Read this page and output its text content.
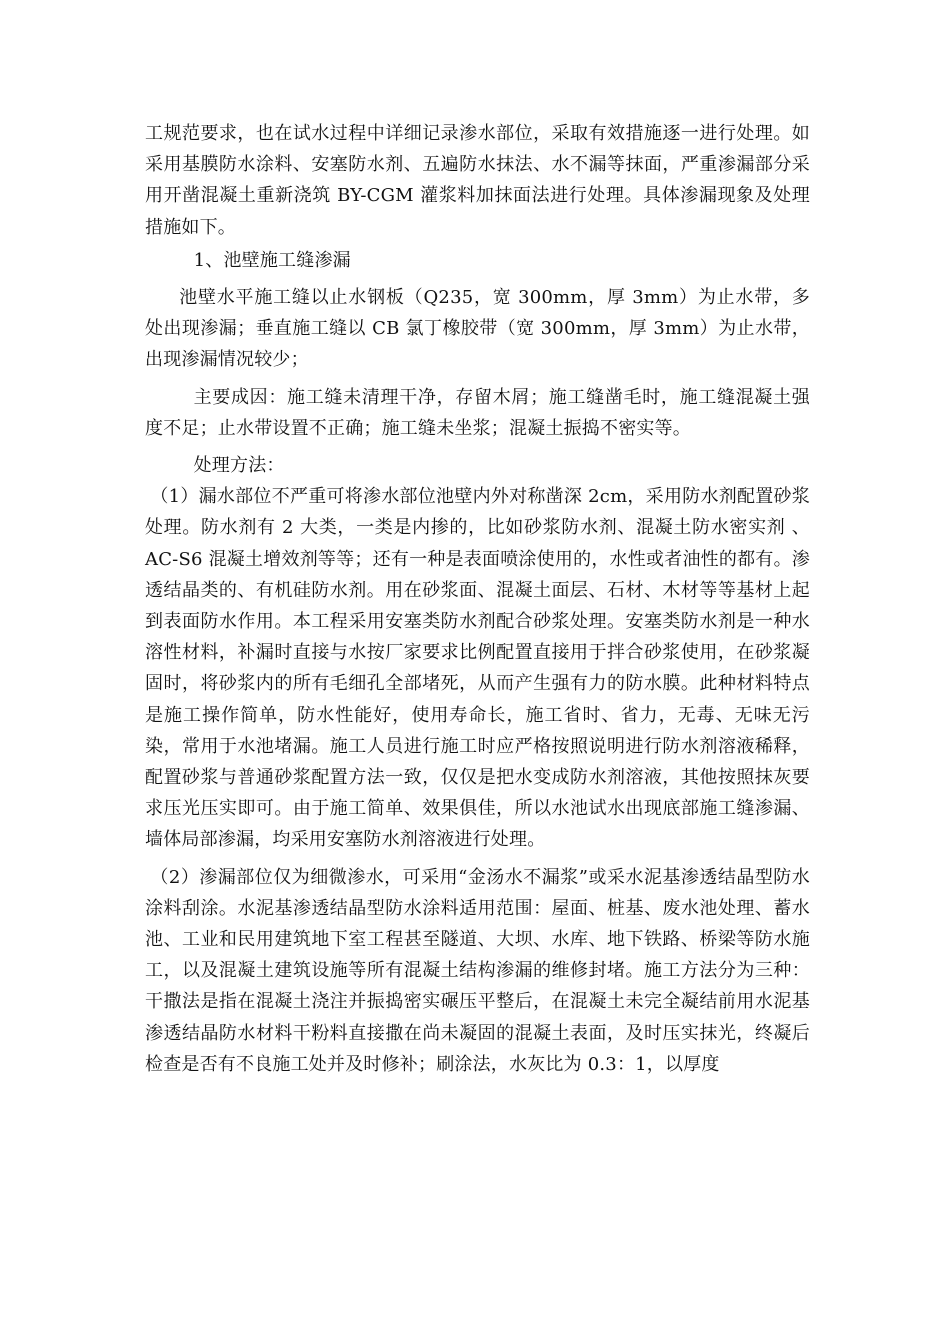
工规范要求，也在试水过程中详细记录渗水部位，采取有效措施逐一进行处理。如采用基膜防水涂料、安塞防水剂、五遍防水抹法、水不漏等抹面，严重渗漏部分采用开凿混凝土重新浇筑 BY-CGM 灌浆料加抹面法进行处理。具体渗漏现象及处理措施如下。

1、池壁施工缝渗漏

池壁水平施工缝以止水钢板（Q235，宽 300mm，厚 3mm）为止水带，多处出现渗漏；垂直施工缝以 CB 氯丁橡胶带（宽 300mm，厚 3mm）为止水带，出现渗漏情况较少；

主要成因：施工缝未清理干净，存留木屑；施工缝凿毛时，施工缝混凝土强度不足；止水带设置不正确；施工缝未坐浆；混凝土振捣不密实等。

处理方法：

（1）漏水部位不严重可将渗水部位池壁内外对称凿深 2cm，采用防水剂配置砂浆处理。防水剂有 2 大类，一类是内掺的，比如砂浆防水剂、混凝土防水密实剂 、AC-S6 混凝土增效剂等等；还有一种是表面喷涂使用的，水性或者油性的都有。渗透结晶类的、有机硅防水剂。用在砂浆面、混凝土面层、石材、木材等等基材上起到表面防水作用。本工程采用安塞类防水剂配合砂浆处理。安塞类防水剂是一种水溶性材料，补漏时直接与水按厂家要求比例配置直接用于拌合砂浆使用，在砂浆凝固时，将砂浆内的所有毛细孔全部堵死，从而产生强有力的防水膜。此种材料特点是施工操作简单，防水性能好，使用寿命长，施工省时、省力，无毒、无味无污染，常用于水池堵漏。施工人员进行施工时应严格按照说明进行防水剂溶液稀释，配置砂浆与普通砂浆配置方法一致，仅仅是把水变成防水剂溶液，其他按照抹灰要求压光压实即可。由于施工简单、效果俱佳，所以水池试水出现底部施工缝渗漏、墙体局部渗漏，均采用安塞防水剂溶液进行处理。

（2）渗漏部位仅为细微渗水，可采用“金汤水不漏浆”或采水泥基渗透结晶型防水涂料刮涂。水泥基渗透结晶型防水涂料适用范围：屋面、桩基、废水池处理、蓄水池、工业和民用建筑地下室工程甚至隧道、大坝、水库、地下铁路、桥梁等防水施工，以及混凝土建筑设施等所有混凝土结构渗漏的维修封堵。施工方法分为三种：干撒法是指在混凝土浇注并振捣密实碾压平整后，在混凝土未完全凝结前用水泥基渗透结晶防水材料干粉料直接撒在尚未凝固的混凝土表面，及时压实抹光，终凝后检查是否有不良施工处并及时修补；刷涂法，水灰比为 0.3：1，以厚度
